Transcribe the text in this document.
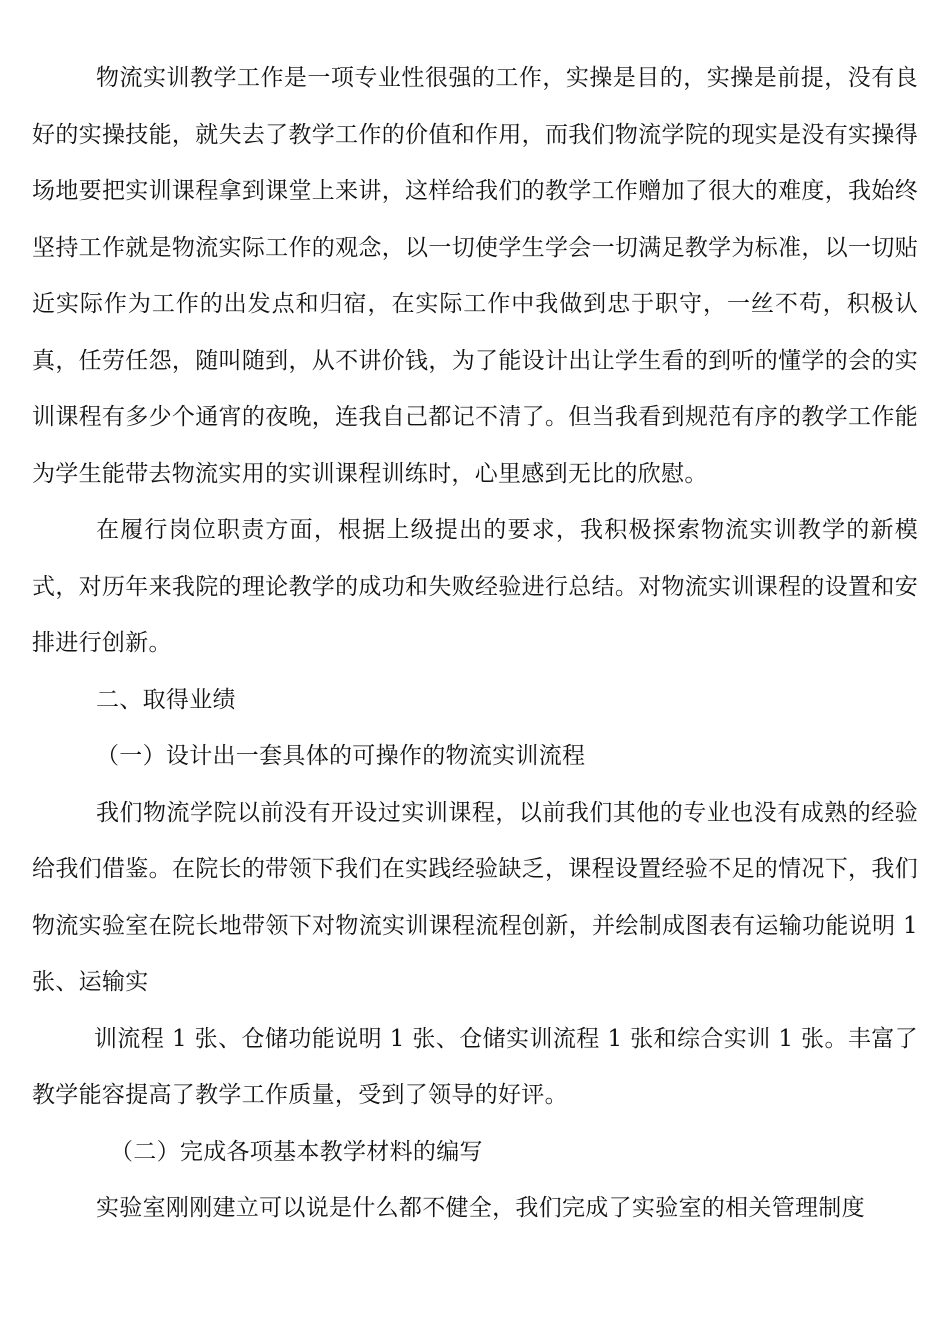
物流实训教学工作是一项专业性很强的工作，实操是目的，实操是前提，没有良好的实操技能，就失去了教学工作的价值和作用，而我们物流学院的现实是没有实操得场地要把实训课程拿到课堂上来讲，这样给我们的教学工作赠加了很大的难度，我始终坚持工作就是物流实际工作的观念，以一切使学生学会一切满足教学为标准，以一切贴近实际作为工作的出发点和归宿，在实际工作中我做到忠于职守，一丝不苟，积极认真，任劳任怨，随叫随到，从不讲价钱，为了能设计出让学生看的到听的懂学的会的实训课程有多少个通宵的夜晚，连我自己都记不清了。但当我看到规范有序的教学工作能为学生能带去物流实用的实训课程训练时，心里感到无比的欣慰。

在履行岗位职责方面，根据上级提出的要求，我积极探索物流实训教学的新模式，对历年来我院的理论教学的成功和失败经验进行总结。对物流实训课程的设置和安排进行创新。

二、取得业绩

（一）设计出一套具体的可操作的物流实训流程

我们物流学院以前没有开设过实训课程，以前我们其他的专业也没有成熟的经验给我们借鉴。在院长的带领下我们在实践经验缺乏，课程设置经验不足的情况下，我们物流实验室在院长地带领下对物流实训课程流程创新，并绘制成图表有运输功能说明 1 张、运输实

训流程 1 张、仓储功能说明 1 张、仓储实训流程 1 张和综合实训 1 张。丰富了教学能容提高了教学工作质量，受到了领导的好评。

（二）完成各项基本教学材料的编写

实验室刚刚建立可以说是什么都不健全，我们完成了实验室的相关管理制度
